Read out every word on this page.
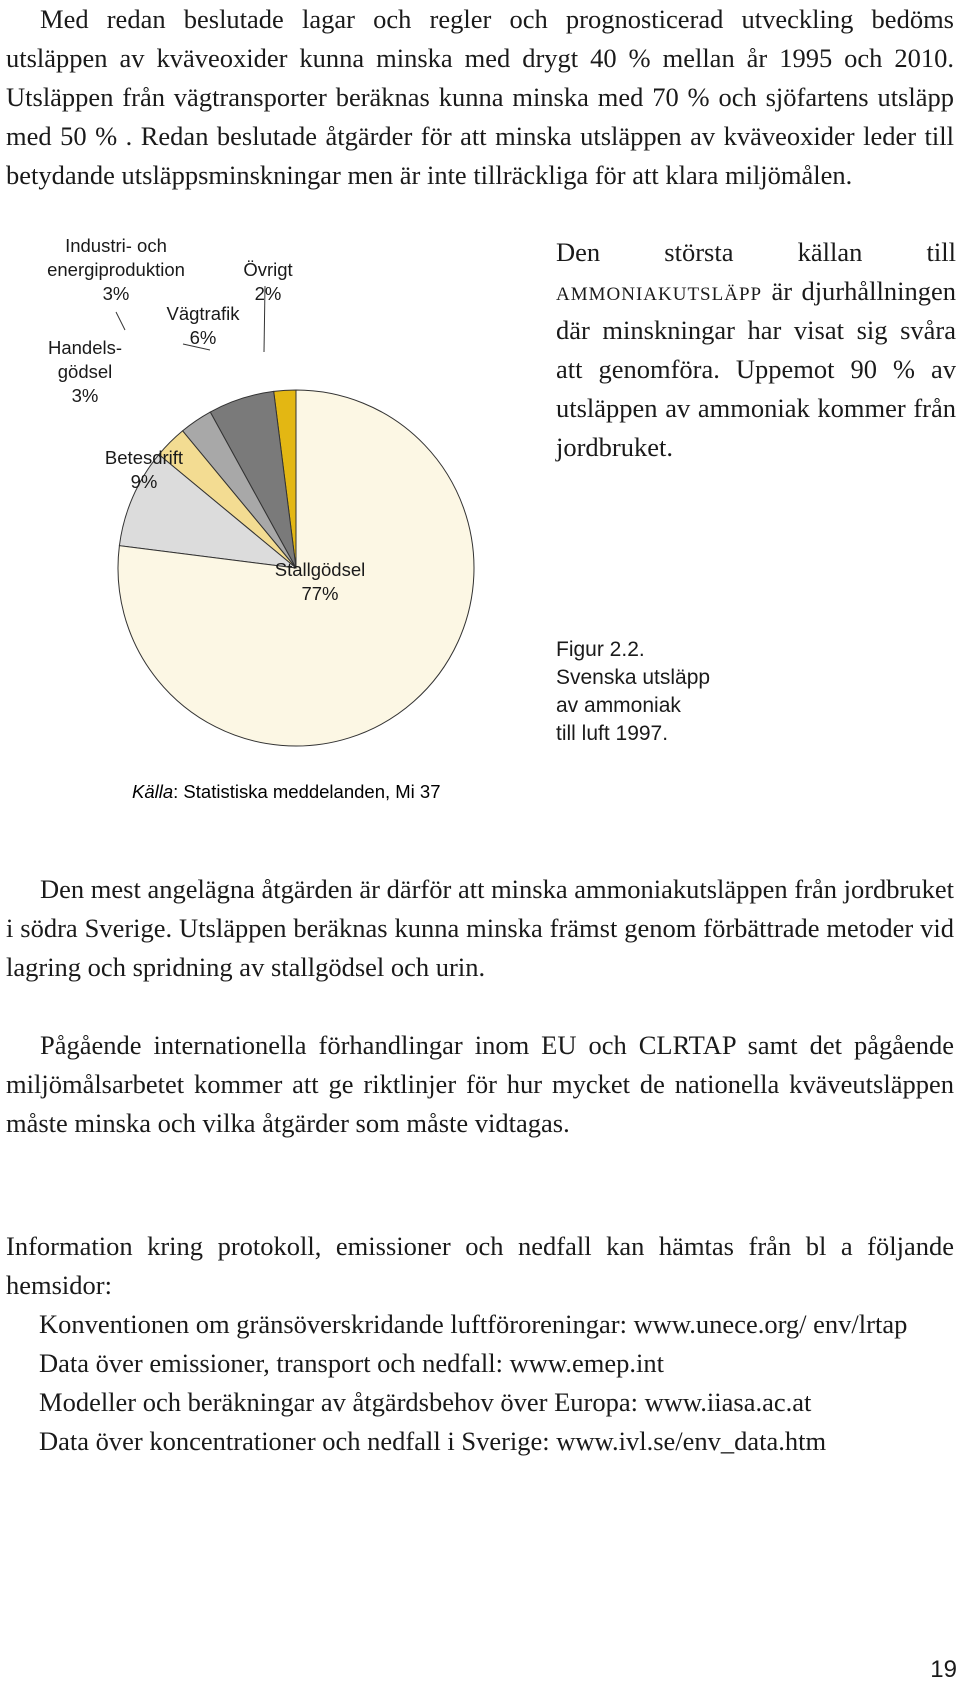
Med redan beslutade lagar och regler och prognosticerad utveckling bedöms utsläppen av kväveoxider kunna minska med drygt 40 % mellan år 1995 och 2010. Utsläppen från vägtransporter beräknas kunna minska med 70 % och sjöfartens utsläpp med 50 % . Redan beslutade åtgärder för att minska utsläppen av kväveoxider leder till betydande utsläppsminskningar men är inte tillräckliga för att klara miljömålen.

Den största källan till ammoniakutsläpp är djurhållningen där minskningar har visat sig svåra att genomföra. Uppemot 90 % av utsläppen av ammoniak kommer från jordbruket.

Övrigt 2%
Vägtrafik 6%
Industri- och energiproduktion 3%
Handels-gödsel 3%
Betesdrift 9%
Stallgödsel 77%
Källa: Statistiska meddelanden, Mi 37
Figur 2.2.
Svenska utsläpp
av ammoniak
till luft 1997.

Den mest angelägna åtgärden är därför att minska ammoniakutsläppen från jordbruket i södra Sverige. Utsläppen beräknas kunna minska främst genom förbättrade metoder vid lagring och spridning av stallgödsel och urin.

Pågående internationella förhandlingar inom EU och CLRTAP samt det pågående miljömålsarbetet kommer att ge riktlinjer för hur mycket de nationella kväveutsläppen måste minska och vilka åtgärder som måste vidtagas.

Information kring protokoll, emissioner och nedfall kan hämtas från bl a följande hemsidor:

Konventionen om gränsöverskridande luftföroreningar: www.unece.org/ env/lrtap
Data över emissioner, transport och nedfall: www.emep.int
Modeller och beräkningar av åtgärdsbehov över Europa: www.iiasa.ac.at
Data över koncentrationer och nedfall i Sverige: www.ivl.se/env_data.htm
19
